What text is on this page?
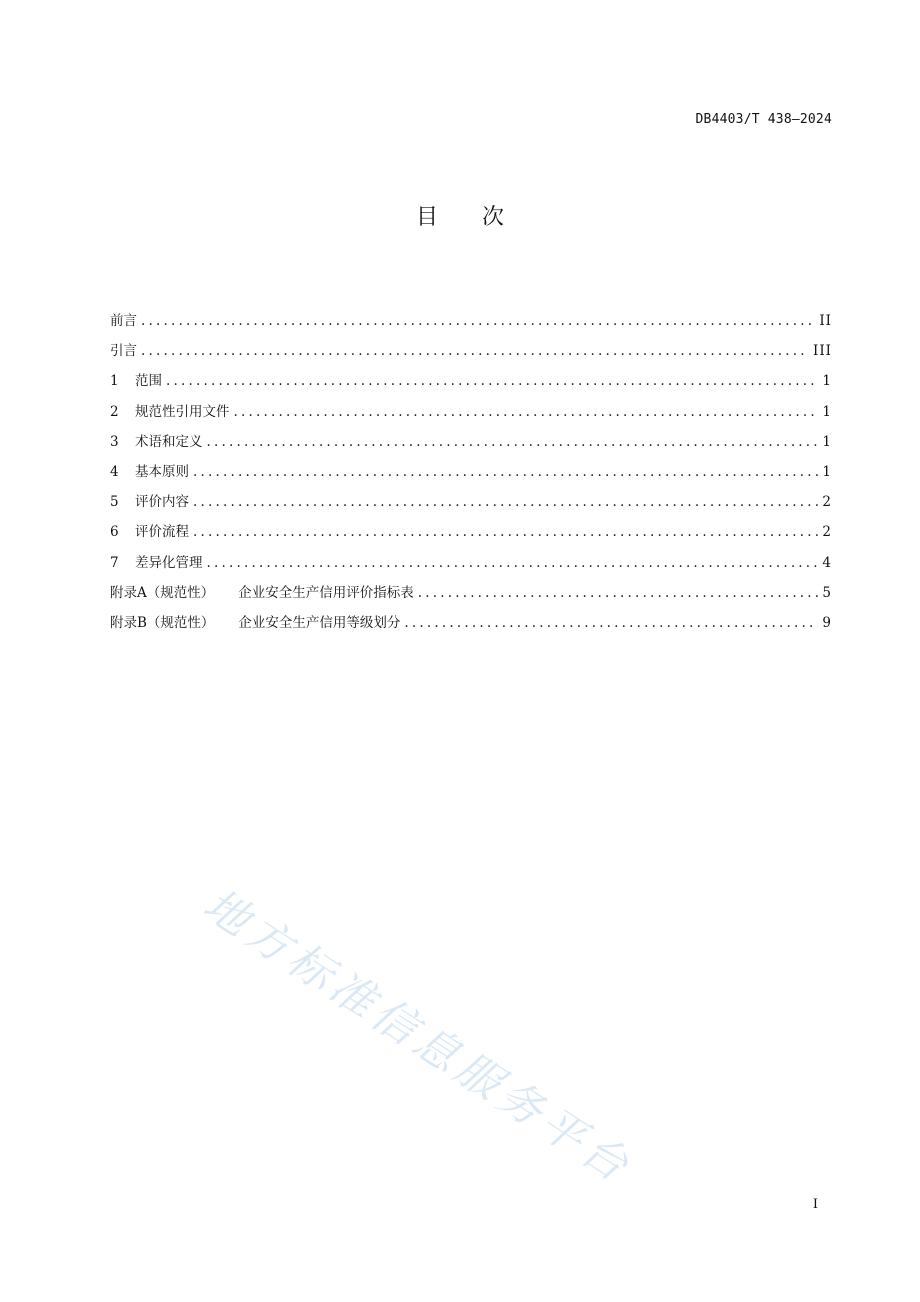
DB4403/T 438—2024
目次
前言 .....	II
引言 .....	III
1 范围 .....	1
2 规范性引用文件 .....	1
3 术语和定义 .....	1
4 基本原则 .....	1
5 评价内容 .....	2
6 评价流程 .....	2
7 差异化管理 .....	4
附录A（规范性） 企业安全生产信用评价指标表 .....	5
附录B（规范性） 企业安全生产信用等级划分 .....	9
地方标准信息服务平台
I
